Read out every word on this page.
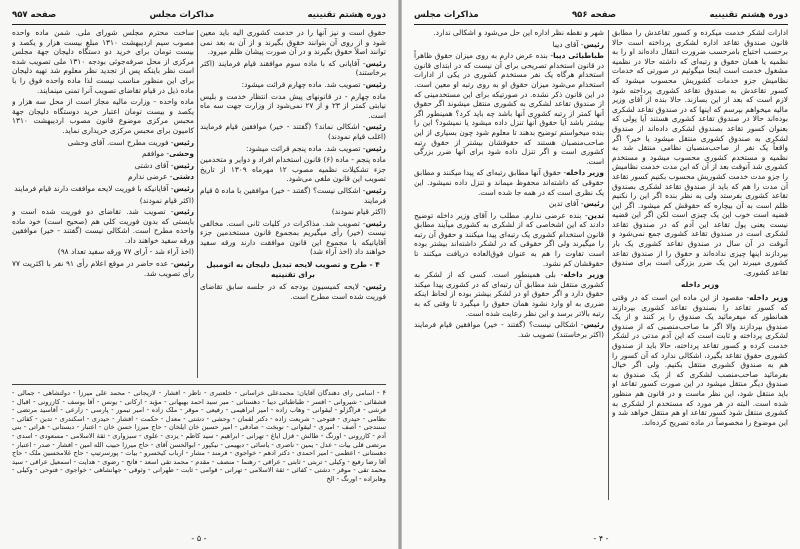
دوره هشتم تقنینیه
مذاکرات مجلس
صفحه ۹۵۷

حقوق است و نیز آنها را در خدمت کشوری الیه باید معین شود و از روی آن بتوانند حقوق بگیرند و از آن به بعد نمی توانند اصلاً حقوق بگیرند و در آن صورت پیشان ظلم میرود.

رئیس- آقایانی که با ماده سوم موافقند قیام فرمایند (اکثر برخاستند)

رئیس- تصویب شد. ماده چهارم قرائت میشود:

ماده چهارم - در قانونهای پیش مدت انتظار خدمت و بلیس نیابتی کمتر از ۲۳ و از ۲۷ نمی‌شود از وزارت جهت سه ماه است.

رئیس- اشکالی نماند؟ (گفتند - خیر) موافقین قیام فرمایند (اغلب قیام نمودند)

رئیس- تصویب شد. ماده پنجم قرائت میشود:

ماده پنجم - ماده (۶) قانون استخدام افراد و دوایر و متخدمین جزء تشکیلات نظمیه مصوب ۱۲ مهرماه ۱۳۰۹ از تاریخ تصویب این قانون ملغی می‌شود.

رئیس- اشکالی نیست؟ (گفتند - خیر) موافقین با ماده ۵ قیام فرمایند

(اکثر قیام نمودند)

رئیس- تصویب شد. مذاکرات در کلیات ثانی است. مخالفی نیست (خیر) رأی میگیریم بمجموع قانون مستخدمین جزء آقایانیکه با مجموع این قانون موافقت دارند ورقه سفید خواهند داد (اخذ آراء شد)

۴ - طرح و تصویب لایحه تبدیل دلیجان به اتومبیل برای تقنینیه

رئیس- لایحه کمیسیون بودجه که در جلسه سابق تقاضای فوریت شده است مطرح است.

ساخت محترم مجلس شورای ملی. شمن ماده واحده مصوب سیم اردیبهشت ۱۳۱۰ مبلغ بیست هزار و یکصد و بیست تومان برای خرید دو دستگاه دلیجان جهة مجلس مرکزی از محل صرفه‌جوئی بودجه ۱۳۱۰ ملی تصویب شده است نظر باینکه پس از تجدید نظر معلوم شد تهیه دلیجان برای این منظور مناسب نیست لذا ماده واحده فوق را با ماده ذیل در قیام تقاضای تصویب آنرا تمنی مینمایند.

ماده واحده - وزارت مالیه مجاز است از محل سه هزار و یکصد و بیست تومان اعتبار خرید دوستگاه دلیجان جهة محبس مرکزی موضوع قانون مصوب اردیبهشت ۱۳۱۰ کامیون برای محبس مرکزی خریداری نماید.

رئیس- فوریت مطرح است. آقای وحشی

وحشی- موافقم

رئیس- آقای دشتی

دشتی- عرضی ندارم

رئیس- آقایانیکه با فوریت لایحه موافقت دارند قیام فرمایند

(اکثر قیام نمودند)

رئیس- تصویب شد. تقاضای دو فوریت شده است و بایستی که بدون فوریت کلی هم (صحیح است) خود ماده واحده مطرح است. اشکالی نیست (گفتند - خیر) موافقین ورقه سفید خواهند داد.

(اخذ آراء شد - آرای ۷۷ ورقه سفید تعداد ۹۸)

رئیس- عده حاضر در موقع اعلام رأی ۹۱ نفر با اکثریت ۷۷ رأی تصویب شد.

۴ - اسامی رای دهندگان آقایان: محمدعلی خراسانی - خلعتبری - ناظر - افشار - لاریجانی - محمد علی میرزا - دولتشاهی - جمالی - قشقائی - شیروانی - افسر - طباطبائی دیبا - دهستانی - میر سید احمد بهبهانی - مؤید - ارکانی - یونس - آقا یوسف - کازرونی - اقبال - فرشی - قراگزلو - لیقوانی - وهاب زاده - امیر ابراهیمی - رفیعی - موقر - ملک زاده - امیر تیمور - پارسی - زارعی - آقاسید مرتضی - نظامی - حیدری - فتوحی - شریعت زاده - دکتر لقمان - وحشی - دشتی - معدل - حکمت - افشار - حیدری - اسکندری - تدین - کفائی - سنندجی - آصف - امیری - لیقوانی - نوبخت - صادقی - امیر حسین خان ایلخان - حاج میرزا حسن خان - اعتبار - دبستانی - هراتی - بنی آدم - کازرونی - اورنگ - طالش - قزل ایاغ - تهرانی - ابراهیم - سید کاظم - یزدی - علوی - سبزواری - ثقة الاسلامی - مسعودی - اسدی - مرتضی قلی بیات - عدل - یمین - ناصری - یاسائی - دیهیمی - نیکپور - ابوالحسن آقای - حاج میرزا حبیب الله امین - افشار - صدر - اعتبار - دهستانی - اعظمی - امیر احمدی - دکتر ادهم - خواجوی - فرمند - مشار - ارباب کیخسرو - بیات - پورسرتیپ - حاج غلامحسین ملک - حاج آقا رضا رفیع - وکیلی - تربتی - ثابتی - عراقی - رهنما - منصف - مقدم - محمد تقی اسعد - فاتح - رضوی - هدایت - اسمعیل عراقی - سید محمد تقی - موقر - دشتی - کفائی - ثقة الاسلامی - تهرانی - قوامی - ثابت - طهرانی - وثوقی - جهانشاهی - خواجوی - فتوحی - وکیلی - وهابزاده - اورنگ - الخ
- ۵ -
دوره هشتم تقنینیه
صفحه ۹۵۶
مذاکرات مجلس

ادارات لشکر خدمت میکرده و کسور تقاعدش را مطابق قانون صندوق تقاعد اداره لشکری پرداخته است حالا برحسب احتیاج بامرحسب ضرورت انتقال داده‌اند او را به نظمیه یا همان حقوق و رتبه‌ای که داشته حالا در نظمیه مشغول خدمت است اینجا میگوئیم در صورتی که خدمات نظامیش جزو خدمات کشوریش محسوب میشود که کسور تقاعدش به صندوق تقاعد کشوری پرداخته شود لازم است که بعد از این بسازند. حالا بنده از آقای وزیر مالیه میخواهم بپرسم که اینها که در صندوق تقاعد لشکری بوده‌اند حالا در صندوق تقاعد کشوری هستند آیا پولی که بعنوان کسور تقاعد بصندوق لشکری داده‌اند از صندوق لشکری به صندوق کشوری منتقل میشود یا خیر؟ اگر واقعاً یک نفر از صاحب‌منصبان نظامی منتقل شد به نظمیه و مستخدم کشوری محسوب میشود و مستخدم کشوری شد آنوقت بعد از آن که این مدت خدمت نظامیش را جزو مدت خدمت کشوریش محسوب بکنیم کسور تقاعد آن مدت را هم که باید از صندوق تقاعد لشکری بصندوق تقاعد کشوری بفرستد ولی به نظر بنده اگر این را نکنیم ظلم است به آن بیچاره که حقوقش کم میشود. اگر این قضیه است خوب این یک چیزی است لکن اگر این قضیه نیست یعنی پول تقاعد این آدم که در صندوق تقاعد لشکری است در صندوق تقاعد کشوری جمع نمی‌شود و آنوقت در آن سال در صندوق تقاعد کشوری یک بار بپردازند اینها چیزی نداده‌اند و حقوق را از صندوق تقاعد کشوری میبرند این یک ضرر بزرگی است برای صندوق تقاعد کشوری.

وزیر داخله

وزیر داخله- مقصود از این ماده این است که در وقتی که کسور تقاعد را بصندوق تقاعد کشوری بپردازند همانطور که میفرمائید یک صندوق را پر کنند و از یک صندوق بپردازند والا اگر ما صاحب‌منصبی که از صندوق لشکری پرداخته و ثابت است که این آدم مدتی در لشکر خدمت کرده و کسور تقاعد پرداخته، حالا باید از صندوق کشوری حقوق تقاعد بگیرد، اشکالی ندارد که آن کسور را هم به صندوق کشوری منتقل بکنیم. ولی اگر خیال بفرمائید صاحب‌منصب لشکری که از یک صندوق به صندوق دیگر منتقل میشود در این صورت کسور تقاعد او باید منتقل شود، این نظر ماست و در قانون هم منظور شده است. البته در هر مورد که مستخدم از لشکری به کشوری منتقل شود کسور تقاعد او هم منتقل خواهد شد و این موضوع را مخصوصاً در ماده تصریح کرده‌اند.

شهر و نقطه نظر اداره این حل می‌شود و اشکالی ندارد.

رئیس- آقای دیبا

طباطبائی دیبا- بنده عرض دارم به روی میزان حقوق ظاهراً در قانون استخدام تصریحی برای آن نیست که در ابتدای قانون استخدام هرگاه یک نفر مستخدم کشوری در یکی از ادارات استخدام می‌شود میزان حقوق او به روی رتبه او معین است. در این قانون ذکر نشده. در صورتیکه برای این مستخدمینی که از صندوق تقاعد لشکری به کشوری منتقل میشوند اگر حقوق آنها کمتر از رتبه کشوری آنها باشد چه باید کرد؟ همینطور اگر بیشتر باشد آیا حقوق آنها تنزل داده میشود یا نمیشود؟ این را بنده میخواستم توضیح بدهند تا معلوم شود چون بسیاری از این صاحب‌منصبان هستند که حقوقشان بیشتر از حقوق رتبه کشوری است و اگر تنزل داده شود برای آنها ضرر بزرگی است.

وزیر داخله- حقوق آنها مطابق رتبه‌ای که پیدا میکنند و مطابق حقوقی که داشته‌اند محفوظ میماند و تنزل داده نمیشود. این یک نظری است که در همه جا شده است.

رئیس- آقای تدین

تدین- بنده عرضی ندارم. مطلب را آقای وزیر داخله توضیح دادند که این اشخاصی که از لشکری به کشوری میآیند مطابق قانون استخدام کشوری یک رتبه‌ای پیدا میکنند و حقوق آن رتبه را میگیرند ولی اگر حقوقی که در لشکر داشته‌اند بیشتر بوده است تفاوت را هم به عنوان فوق‌العاده دریافت میکنند تا حقوقشان کم نشود.

وزیر داخله- بلی همینطور است. کسی که از لشکر به کشوری منتقل شد مطابق آن رتبه‌ای که در کشوری پیدا میکند حقوق دارد و اگر حقوق او در لشکر بیشتر بوده از لحاظ اینکه ضرری به او وارد نشود همان حقوق را میگیرد تا وقتی که به رتبه بالاتر برسد و این نظر رعایت شده است.

رئیس- اشکالی نیست؟ (گفتند - خیر) موافقین قیام فرمایند (اکثر برخاستند) تصویب شد.

- ۴ -
